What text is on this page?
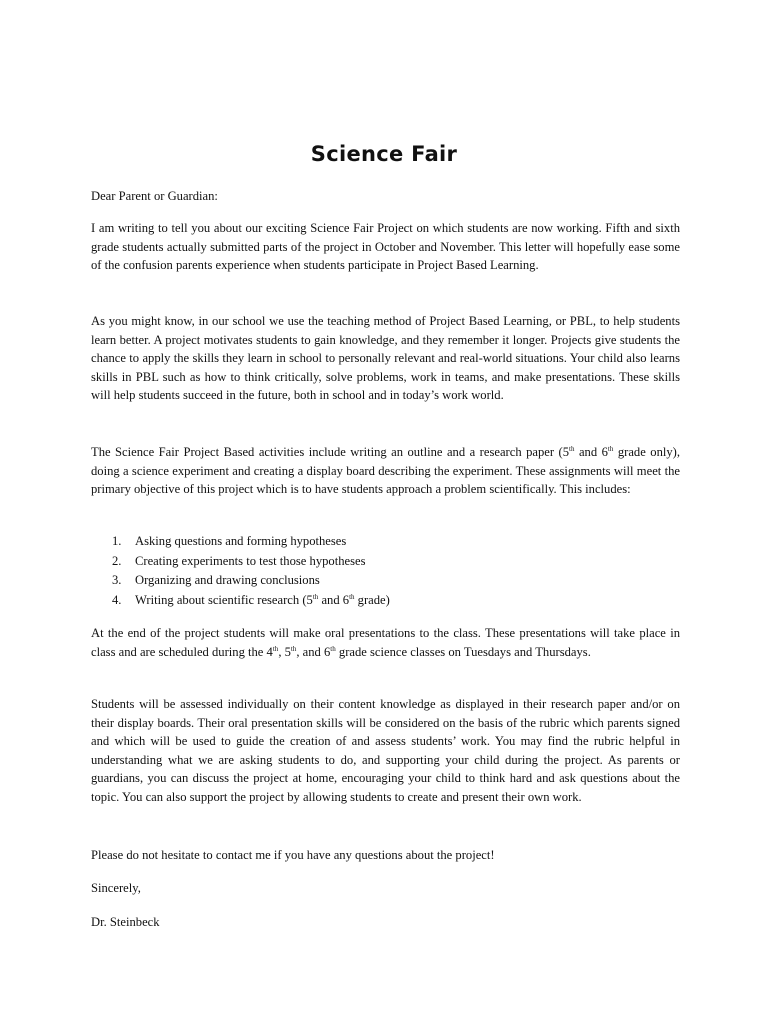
Science Fair

Dear Parent or Guardian:

I am writing to tell you about our exciting Science Fair Project on which students are now working. Fifth and sixth grade students actually submitted parts of the project in October and November. This letter will hopefully ease some of the confusion parents experience when students participate in Project Based Learning.

As you might know, in our school we use the teaching method of Project Based Learning, or PBL, to help students learn better. A project motivates students to gain knowledge, and they remember it longer. Projects give students the chance to apply the skills they learn in school to personally relevant and real-world situations. Your child also learns skills in PBL such as how to think critically, solve problems, work in teams, and make presentations. These skills will help students succeed in the future, both in school and in today’s work world.

The Science Fair Project Based activities include writing an outline and a research paper (5th and 6th grade only), doing a science experiment and creating a display board describing the experiment. These assignments will meet the primary objective of this project which is to have students approach a problem scientifically. This includes:

1. Asking questions and forming hypotheses
2. Creating experiments to test those hypotheses
3. Organizing and drawing conclusions
4. Writing about scientific research (5th and 6th grade)

At the end of the project students will make oral presentations to the class. These presentations will take place in class and are scheduled during the 4th, 5th, and 6th grade science classes on Tuesdays and Thursdays.

Students will be assessed individually on their content knowledge as displayed in their research paper and/or on their display boards. Their oral presentation skills will be considered on the basis of the rubric which parents signed and which will be used to guide the creation of and assess students’ work. You may find the rubric helpful in understanding what we are asking students to do, and supporting your child during the project. As parents or guardians, you can discuss the project at home, encouraging your child to think hard and ask questions about the topic. You can also support the project by allowing students to create and present their own work.

Please do not hesitate to contact me if you have any questions about the project!

Sincerely,

Dr. Steinbeck
